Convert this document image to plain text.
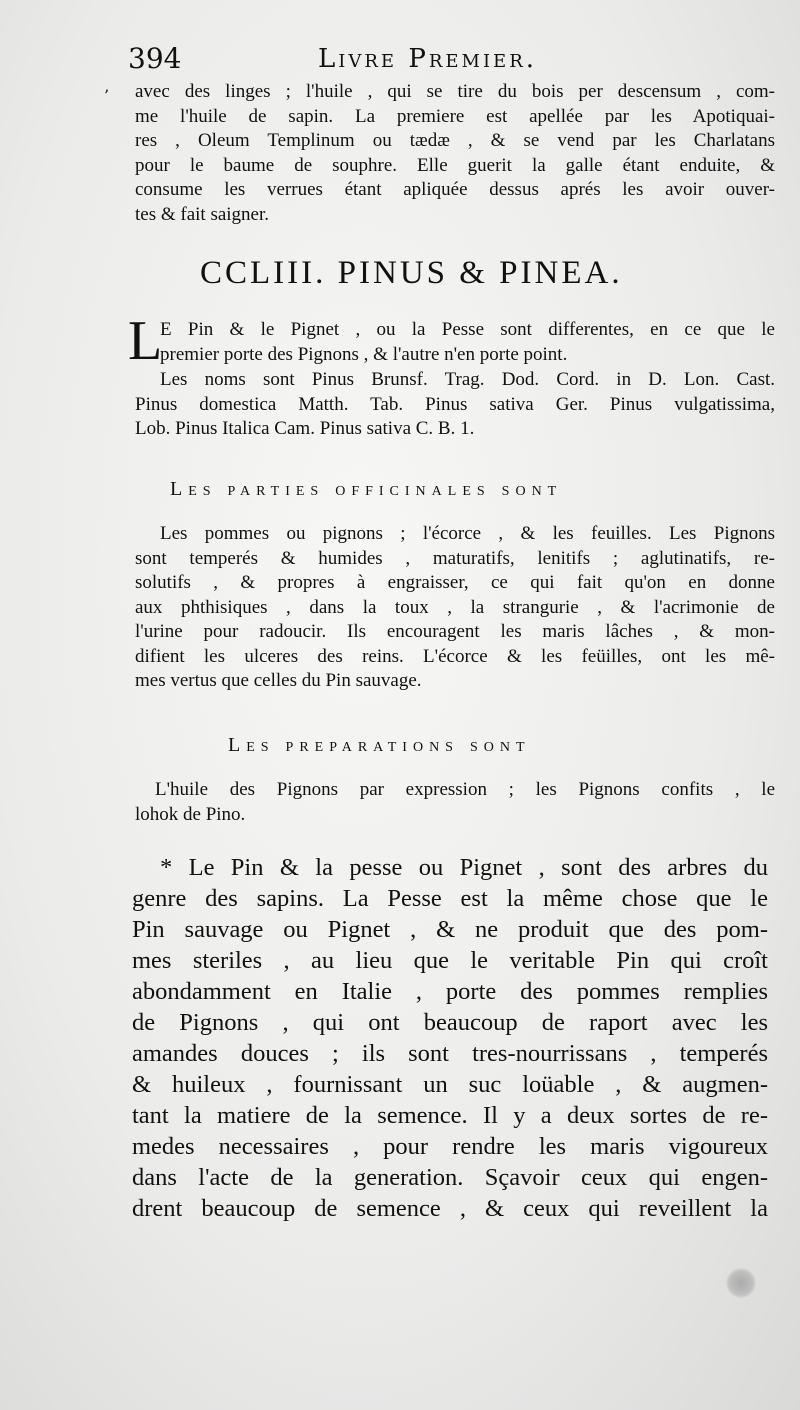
394	Livre Premier.
’ avec des linges ; l'huile , qui se tire du bois per descensum , com-
me l'huile de sapin. La premiere est apellée par les Apotiquai-
res , Oleum Templinum ou tædæ , & se vend par les Charlatans
pour le baume de souphre. Elle guerit la galle étant enduite, &
consume les verrues étant apliquée dessus aprés les avoir ouver-
tes & fait saigner.
CCLIII. PINUS & PINEA.
L
E Pin & le Pignet , ou la Pesse sont differentes, en ce que le
premier porte des Pignons , & l'autre n'en porte point.
Les noms sont Pinus Brunsf. Trag. Dod. Cord. in D. Lon. Cast.
Pinus domestica Matth. Tab. Pinus sativa Ger. Pinus vulgatissima,
Lob. Pinus Italica Cam. Pinus sativa C. B. 1.
Les parties officinales sont
Les pommes ou pignons ; l'écorce , & les feuilles. Les Pignons
sont temperés & humides , maturatifs, lenitifs ; aglutinatifs, re-
solutifs , & propres à engraisser, ce qui fait qu'on en donne
aux phthisiques , dans la toux , la strangurie , & l'acrimonie de
l'urine pour radoucir. Ils encouragent les maris lâches , & mon-
difient les ulceres des reins. L'écorce & les feüilles, ont les mê-
mes vertus que celles du Pin sauvage.
Les preparations sont
L'huile des Pignons par expression ; les Pignons confits , le
lohok de Pino.
* Le Pin & la pesse ou Pignet , sont des arbres du
genre des sapins. La Pesse est la même chose que le
Pin sauvage ou Pignet , & ne produit que des pom-
mes steriles , au lieu que le veritable Pin qui croît
abondamment en Italie , porte des pommes remplies
de Pignons , qui ont beaucoup de raport avec les
amandes douces ; ils sont tres-nourrissans , temperés
& huileux , fournissant un suc loüable , & augmen-
tant la matiere de la semence. Il y a deux sortes de re-
medes necessaires , pour rendre les maris vigoureux
dans l'acte de la generation. Sçavoir ceux qui engen-
drent beaucoup de semence , & ceux qui reveillent la
